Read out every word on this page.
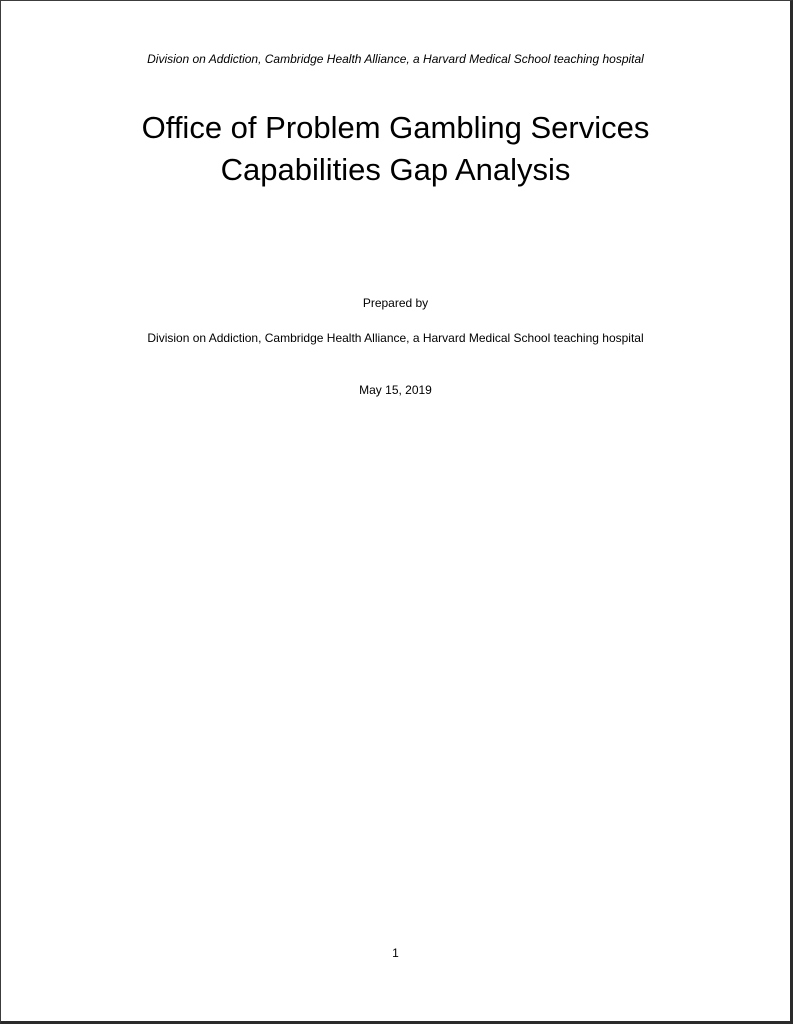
Division on Addiction, Cambridge Health Alliance, a Harvard Medical School teaching hospital
Office of Problem Gambling Services
Capabilities Gap Analysis
Prepared by
Division on Addiction, Cambridge Health Alliance, a Harvard Medical School teaching hospital
May 15, 2019
1
